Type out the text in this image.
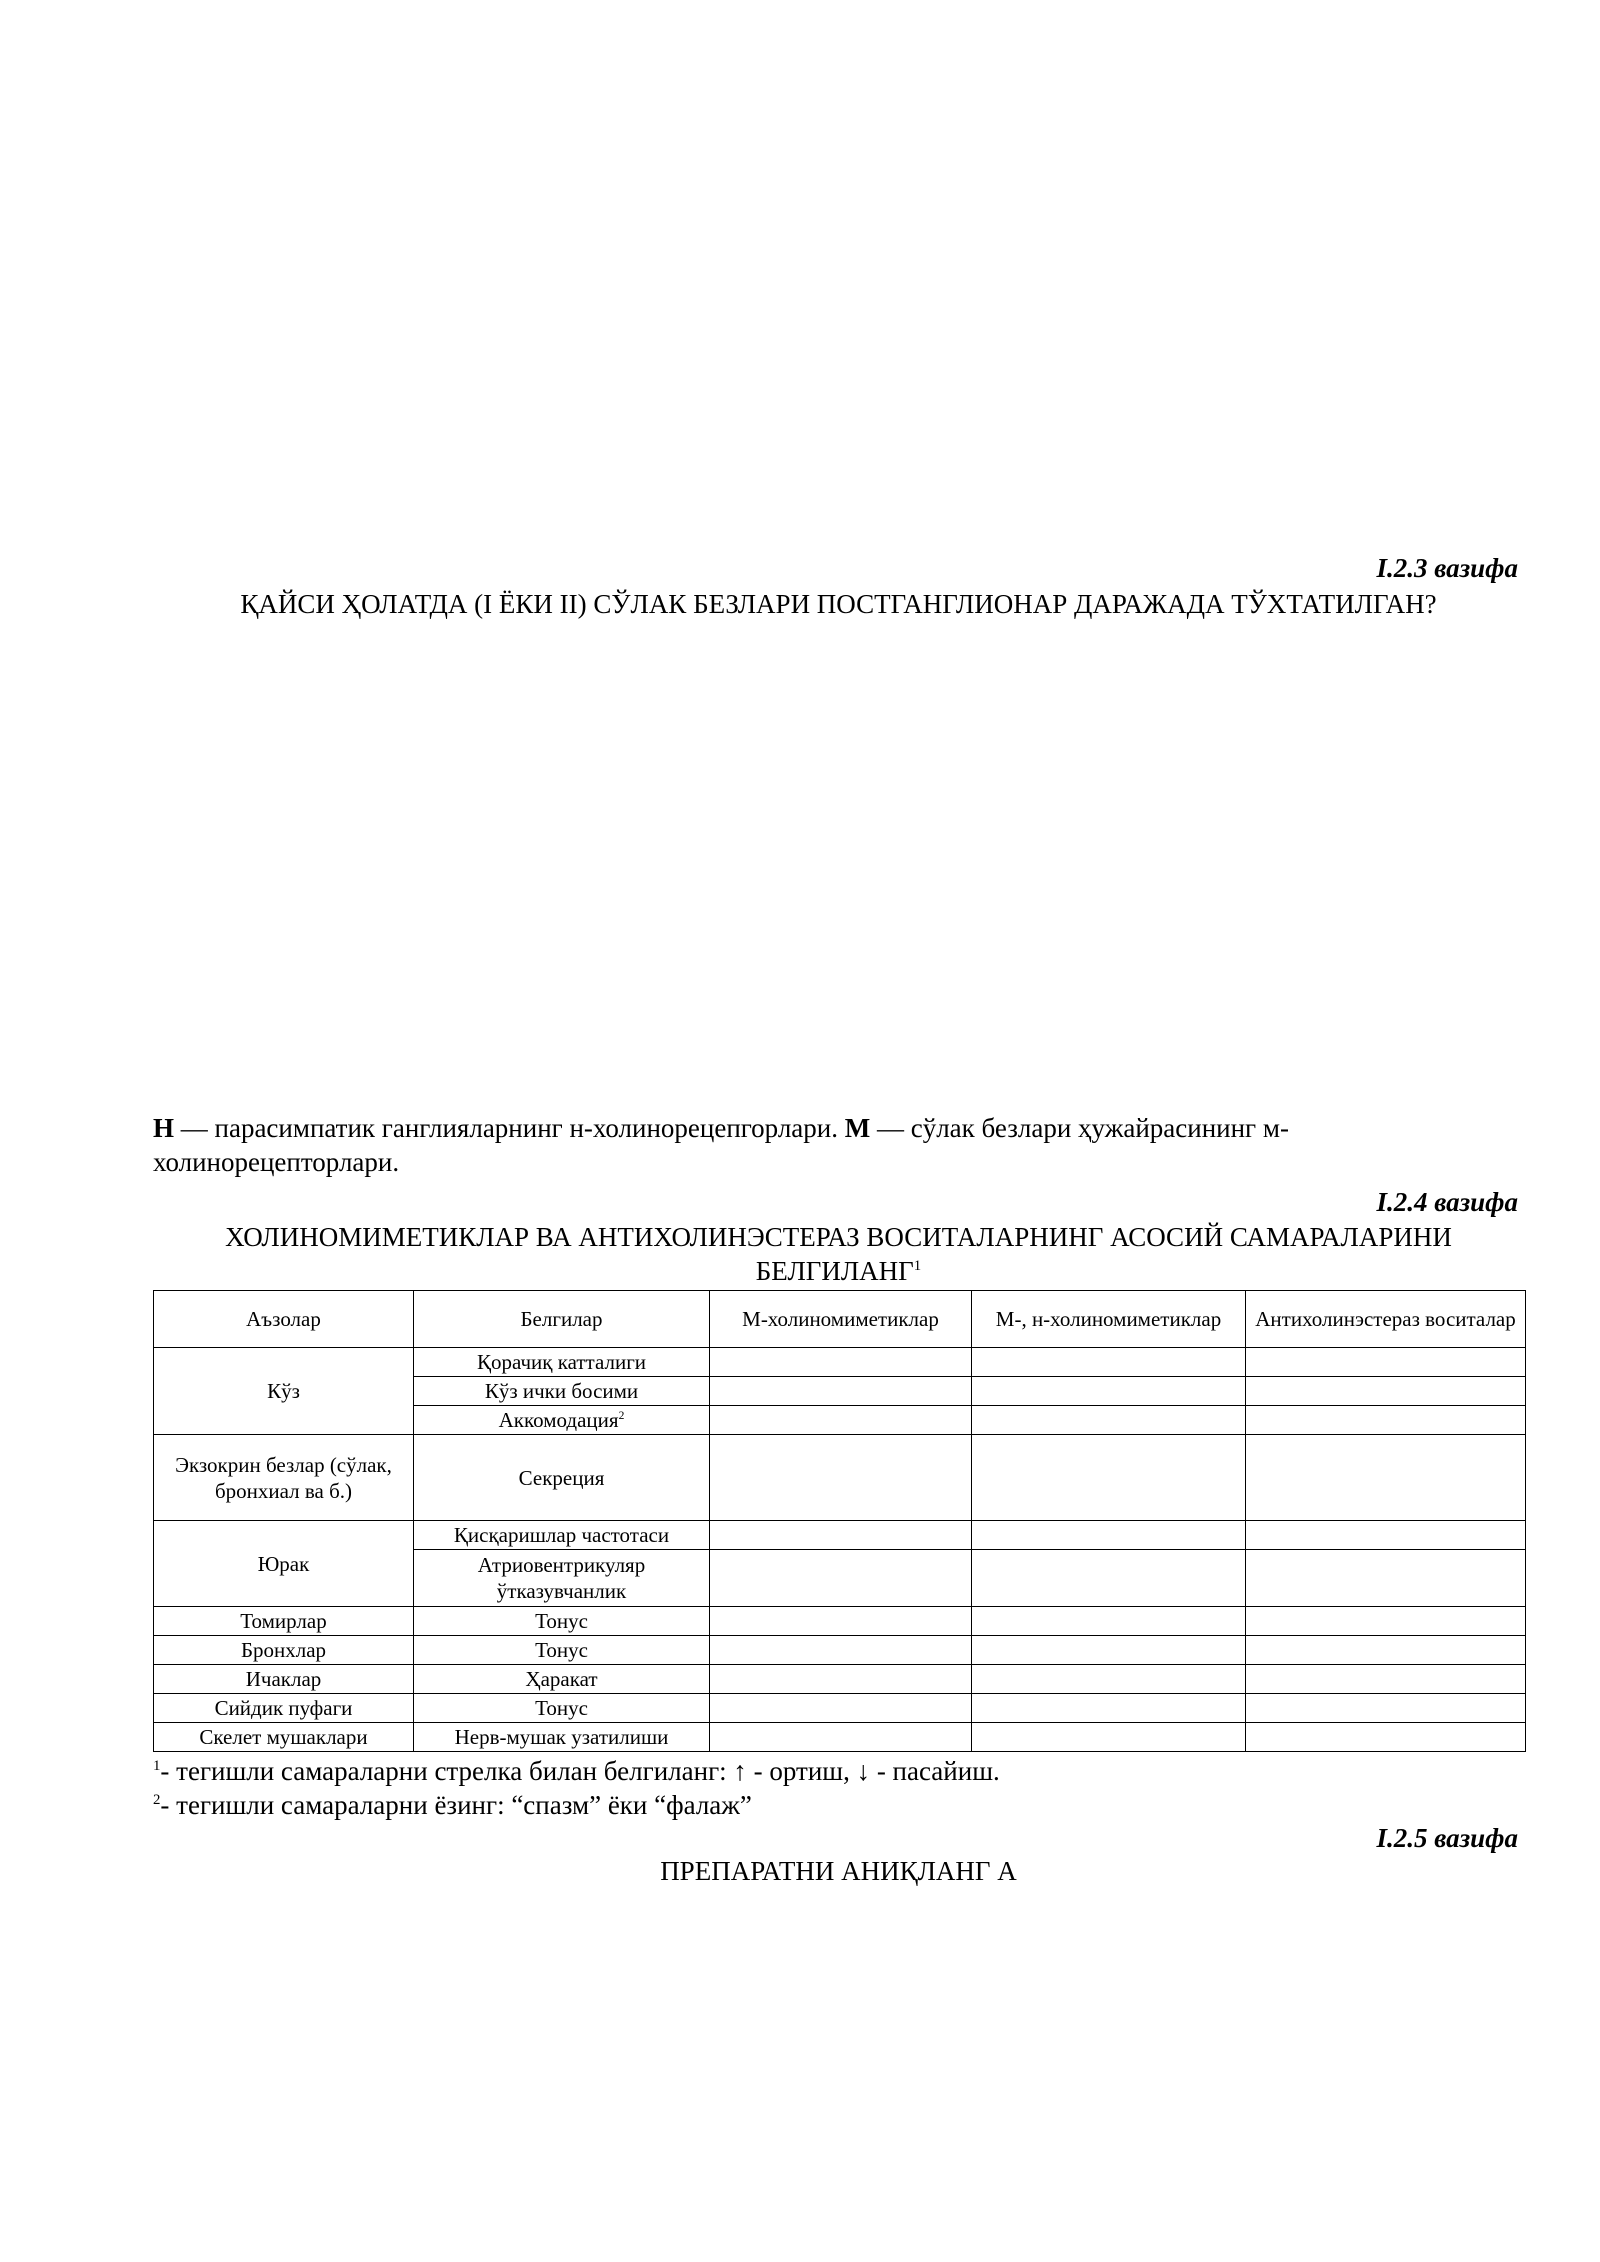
I.2.3 вазифа
ҚАЙСИ ҲОЛАТДА (I ЁКИ II) СЎЛАК БЕЗЛАРИ ПОСТГАНГЛИОНАР ДАРАЖАДА ТЎХТАТИЛГАН?
Н — парасимпатик ганглияларнинг н-холинорецепгорлари. М — сўлак безлари ҳужайрасининг м-холинорецепторлари.
I.2.4 вазифа
ХОЛИНОМИМЕТИКЛАР ВА АНТИХОЛИНЭСТЕРАЗ ВОСИТАЛАРНИНГ АСОСИЙ САМАРАЛАРИНИ БЕЛГИЛАНГ$^1$
Аъзолар	Белгилар	М-холиномиметиклар	М-, н-холиномиметиклар	Антихолинэстераз воситалар
Кўз	Қорачиқ катталиги			
	Кўз ички босими			
	Аккомодация$^2$			
Экзокрин безлар (сўлак, бронхиал ва б.)	Секреция			
Юрак	Қисқаришлар частотаси			
	Атриовентрикуляр ўтказувчанлик			
Томирлар	Тонус			
Бронхлар	Тонус			
Ичаклар	Ҳаракат			
Сийдик пуфаги	Тонус			
Скелет мушаклари	Нерв-мушак узатилиши			
$^1$- тегишли самараларни стрелка билан белгиланг: ↑ - ортиш, ↓ - пасайиш.
$^2$- тегишли самараларни ёзинг: “спазм” ёки “фалаж”
I.2.5 вазифа
ПРЕПАРАТНИ АНИҚЛАНГ А
